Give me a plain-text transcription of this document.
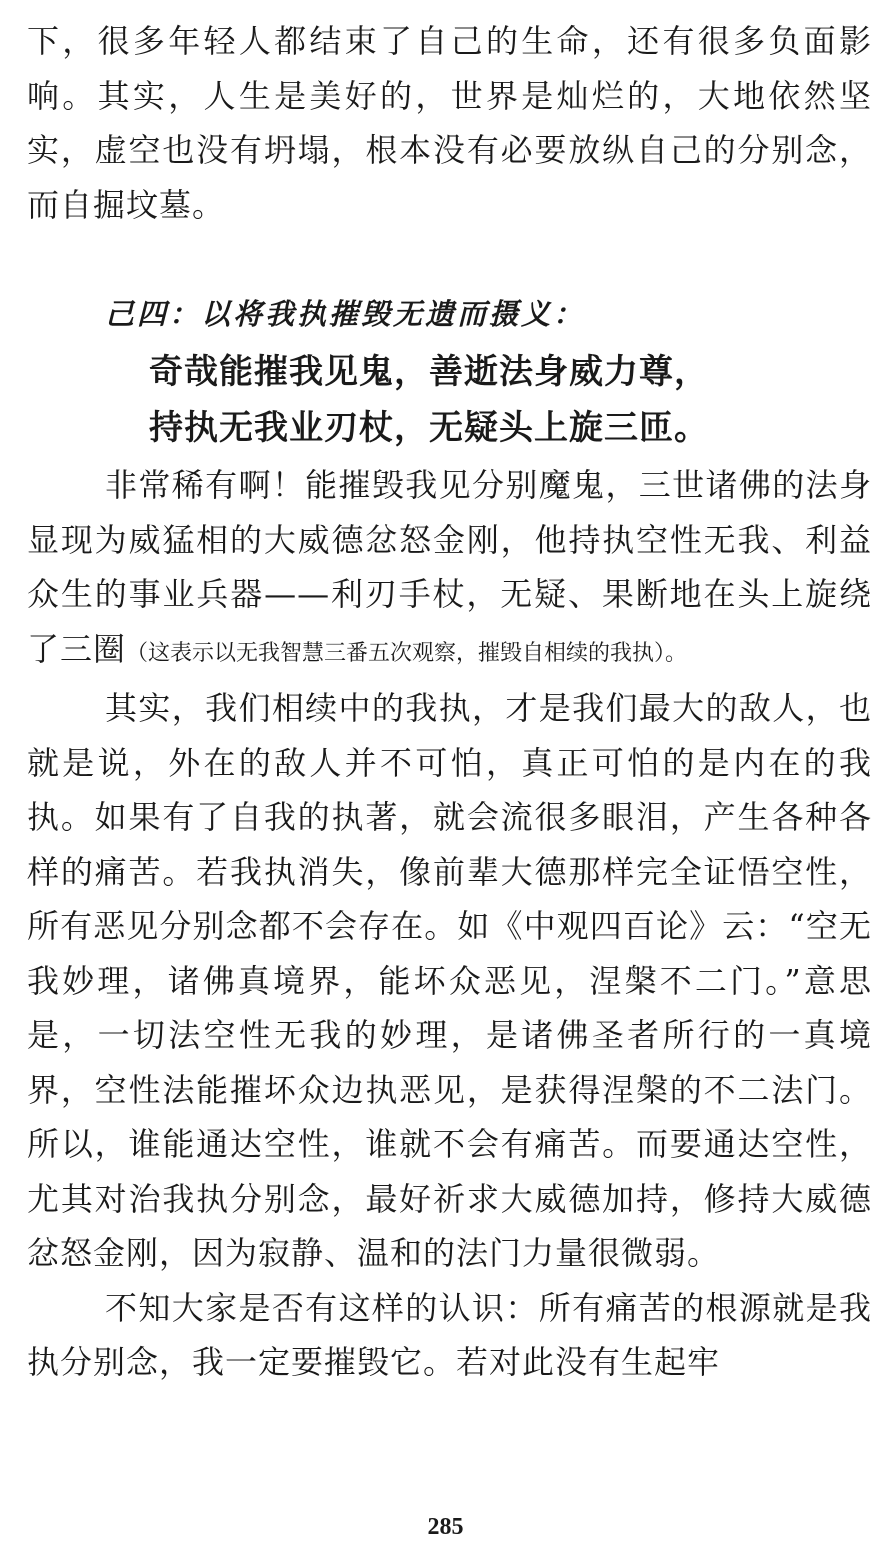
下，很多年轻人都结束了自己的生命，还有很多负面影响。其实，人生是美好的，世界是灿烂的，大地依然坚实，虚空也没有坍塌，根本没有必要放纵自己的分别念，而自掘坟墓。

己四：以将我执摧毁无遗而摄义：

奇哉能摧我见鬼，善逝法身威力尊，

持执无我业刃杖，无疑头上旋三匝。

非常稀有啊！能摧毁我见分别魔鬼，三世诸佛的法身显现为威猛相的大威德忿怒金刚，他持执空性无我、利益众生的事业兵器——利刃手杖，无疑、果断地在头上旋绕了三圈（这表示以无我智慧三番五次观察，摧毁自相续的我执）。

其实，我们相续中的我执，才是我们最大的敌人，也就是说，外在的敌人并不可怕，真正可怕的是内在的我执。如果有了自我的执著，就会流很多眼泪，产生各种各样的痛苦。若我执消失，像前辈大德那样完全证悟空性，所有恶见分别念都不会存在。如《中观四百论》云：“空无我妙理，诸佛真境界，能坏众恶见，涅槃不二门。”意思是，一切法空性无我的妙理，是诸佛圣者所行的一真境界，空性法能摧坏众边执恶见，是获得涅槃的不二法门。所以，谁能通达空性，谁就不会有痛苦。而要通达空性，尤其对治我执分别念，最好祈求大威德加持，修持大威德忿怒金刚，因为寂静、温和的法门力量很微弱。

不知大家是否有这样的认识：所有痛苦的根源就是我执分别念，我一定要摧毁它。若对此没有生起牢

285
